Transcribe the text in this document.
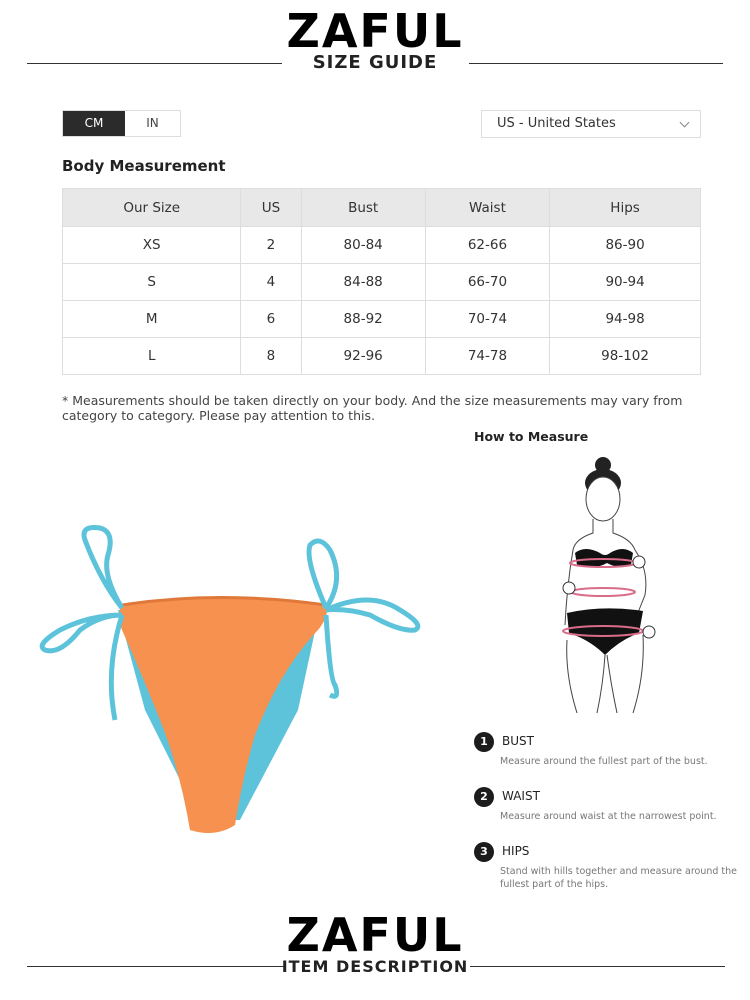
ZAFUL
SIZE GUIDE
CM	IN	US - United States
Body Measurement
Our Size	US	Bust	Waist	Hips
XS	2	80-84	62-66	86-90
S	4	84-88	66-70	90-94
M	6	88-92	70-74	94-98
L	8	92-96	74-78	98-102
* Measurements should be taken directly on your body. And the size measurements may vary from category to category. Please pay attention to this.
How to Measure
1	BUST
Measure around the fullest part of the bust.
2	WAIST
Measure around waist at the narrowest point.
3	HIPS
Stand with hills together and measure around the fullest part of the hips.
ZAFUL
ITEM DESCRIPTION
